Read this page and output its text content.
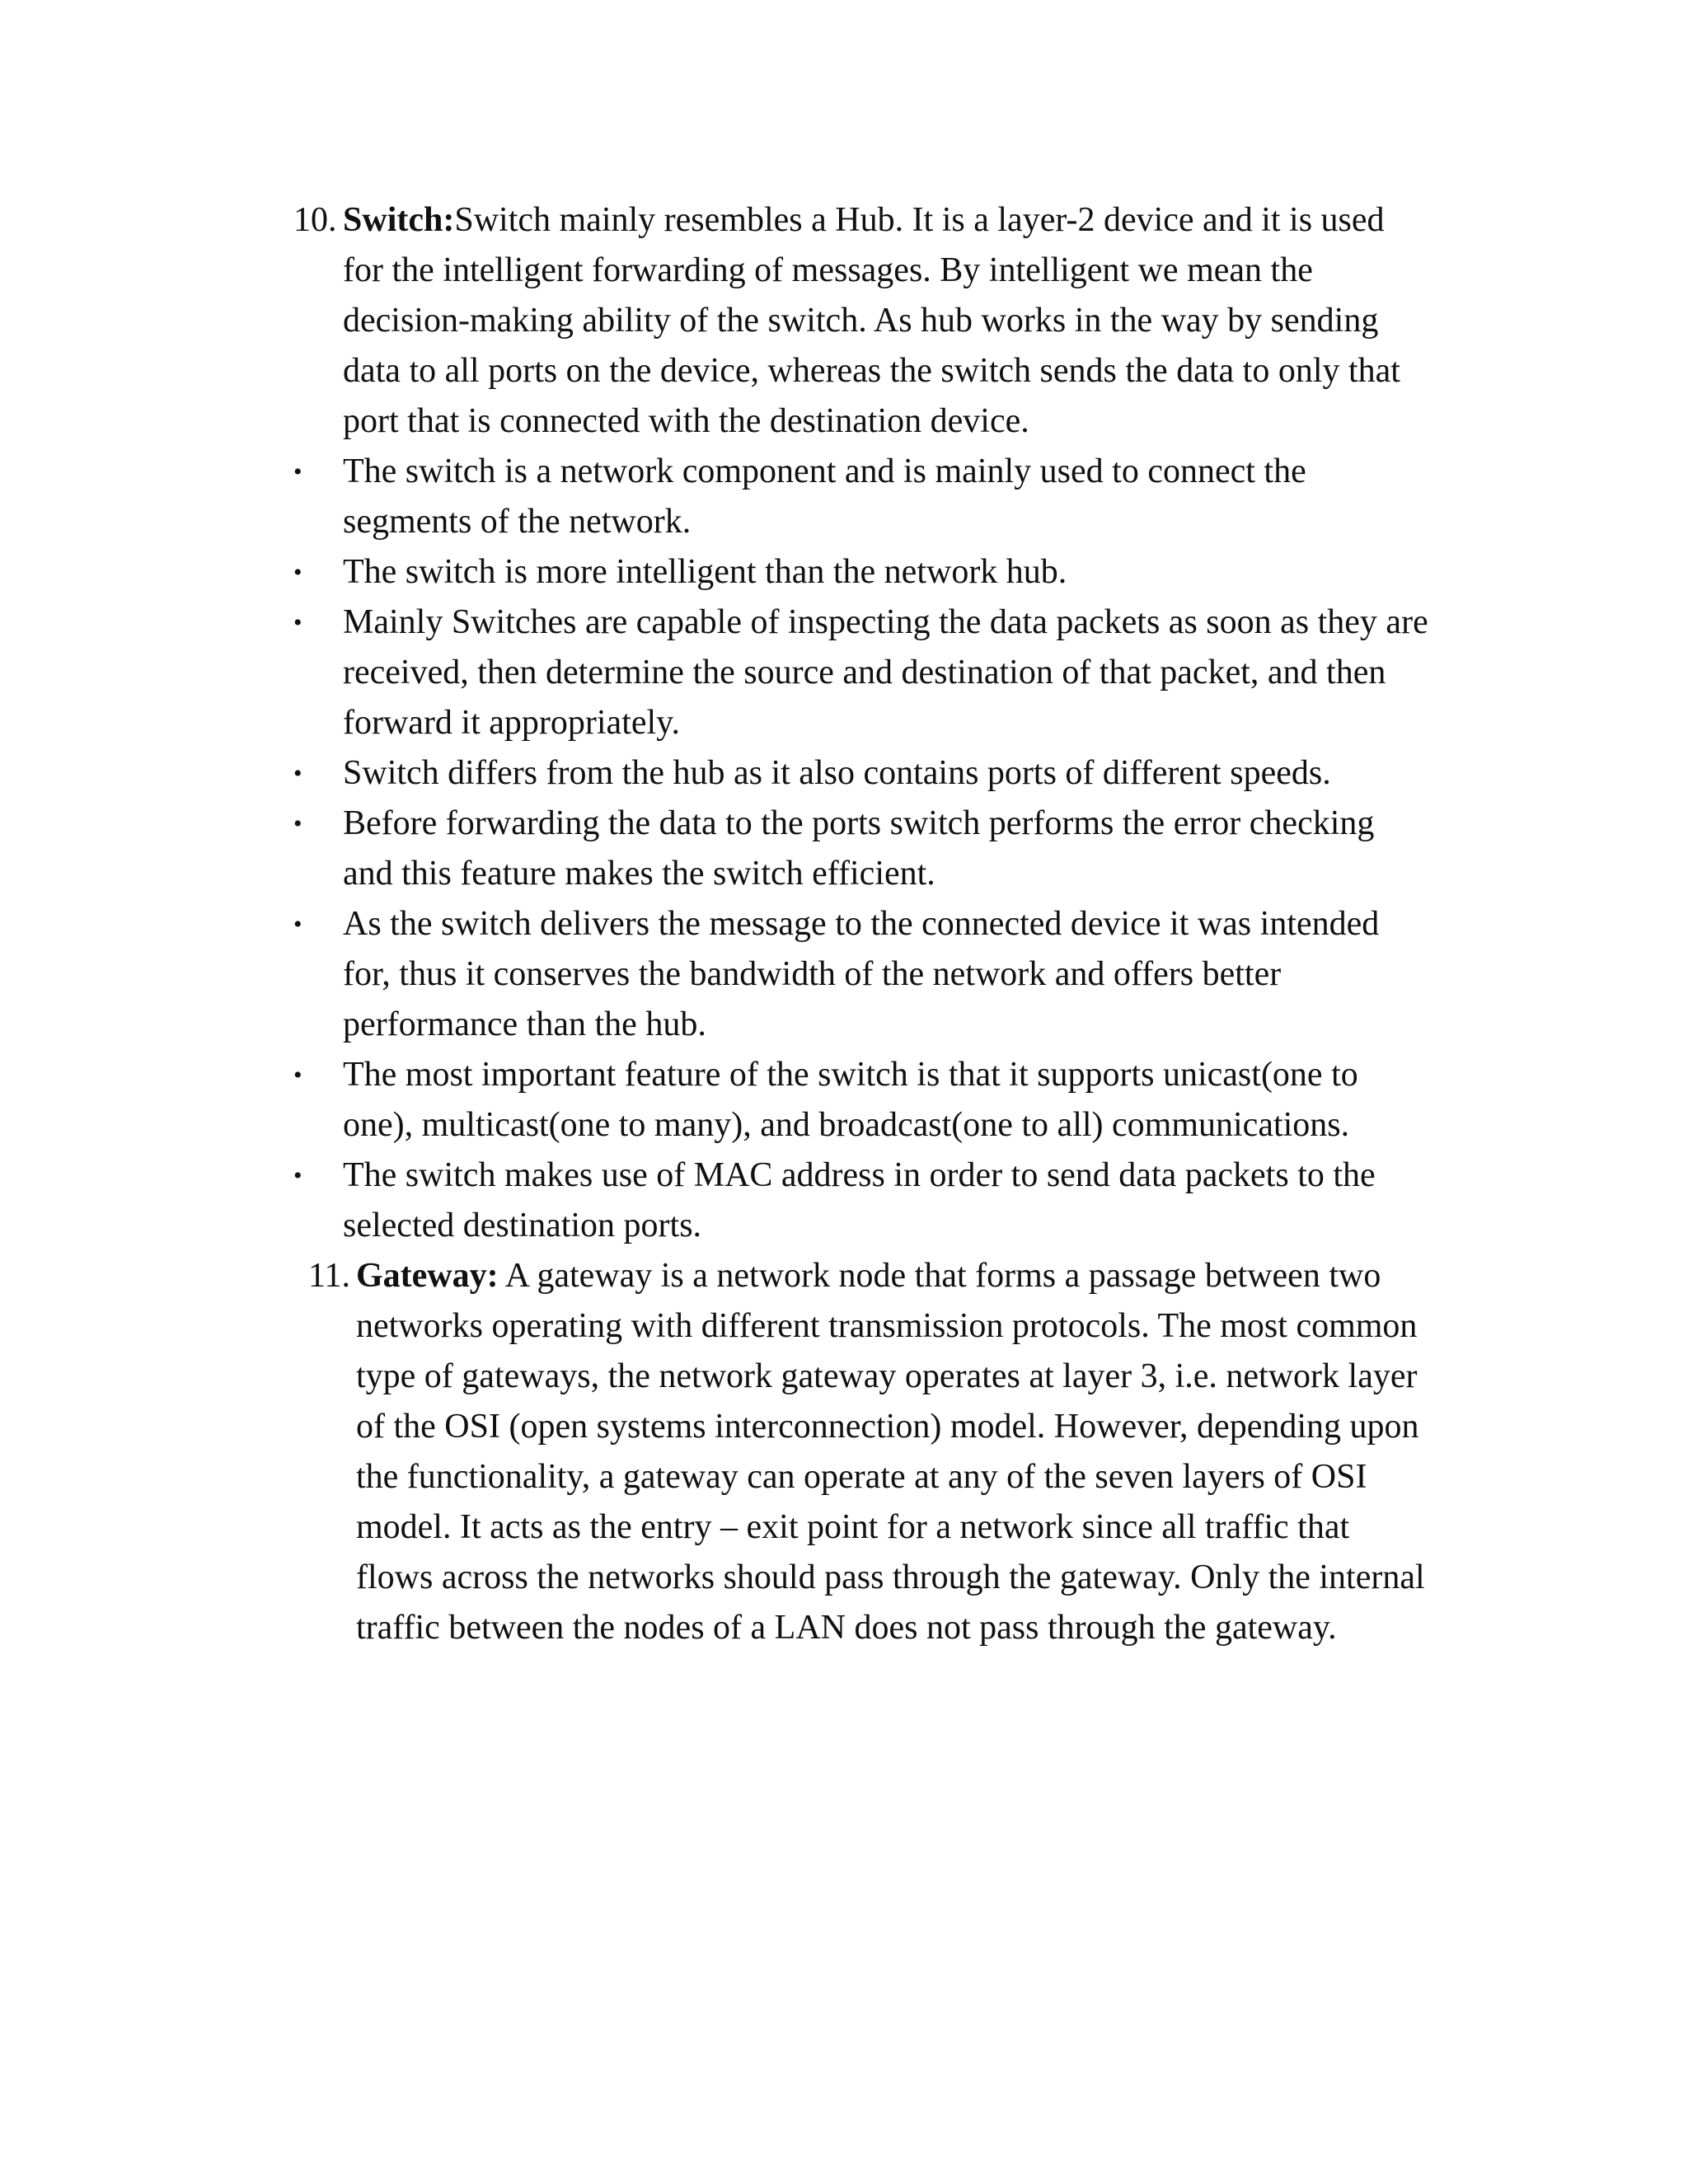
10. Switch:Switch mainly resembles a Hub. It is a layer-2 device and it is used for the intelligent forwarding of messages. By intelligent we mean the decision-making ability of the switch. As hub works in the way by sending data to all ports on the device, whereas the switch sends the data to only that port that is connected with the destination device.

• The switch is a network component and is mainly used to connect the segments of the network.

• The switch is more intelligent than the network hub.

• Mainly Switches are capable of inspecting the data packets as soon as they are received, then determine the source and destination of that packet, and then forward it appropriately.

• Switch differs from the hub as it also contains ports of different speeds.

• Before forwarding the data to the ports switch performs the error checking and this feature makes the switch efficient.

• As the switch delivers the message to the connected device it was intended for, thus it conserves the bandwidth of the network and offers better performance than the hub.

• The most important feature of the switch is that it supports unicast(one to one), multicast(one to many), and broadcast(one to all) communications.

• The switch makes use of MAC address in order to send data packets to the selected destination ports.

11. Gateway: A gateway is a network node that forms a passage between two networks operating with different transmission protocols. The most common type of gateways, the network gateway operates at layer 3, i.e. network layer of the OSI (open systems interconnection) model. However, depending upon the functionality, a gateway can operate at any of the seven layers of OSI model. It acts as the entry – exit point for a network since all traffic that flows across the networks should pass through the gateway. Only the internal traffic between the nodes of a LAN does not pass through the gateway.
